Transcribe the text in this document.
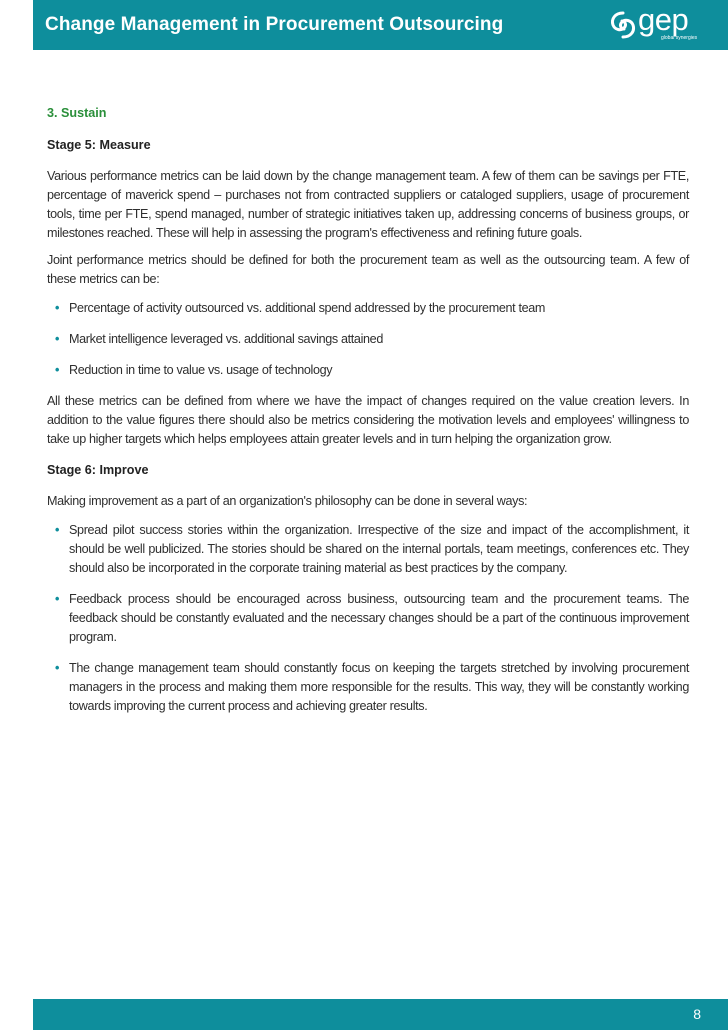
Change Management in Procurement Outsourcing	gep
global synergies
3. Sustain
Stage 5: Measure

Various performance metrics can be laid down by the change management team. A few of them can be savings per FTE, percentage of maverick spend – purchases not from contracted suppliers or cataloged suppliers, usage of procurement tools, time per FTE, spend managed, number of strategic initiatives taken up, addressing concerns of business groups, or milestones reached. These will help in assessing the program's effectiveness and refining future goals.

Joint performance metrics should be defined for both the procurement team as well as the outsourcing team. A few of these metrics can be:

• Percentage of activity outsourced vs. additional spend addressed by the procurement team
• Market intelligence leveraged vs. additional savings attained
• Reduction in time to value vs. usage of technology

All these metrics can be defined from where we have the impact of changes required on the value creation levers. In addition to the value figures there should also be metrics considering the motivation levels and employees' willingness to take up higher targets which helps employees attain greater levels and in turn helping the organization grow.

Stage 6: Improve

Making improvement as a part of an organization's philosophy can be done in several ways:

• Spread pilot success stories within the organization. Irrespective of the size and impact of the accomplishment, it should be well publicized. The stories should be shared on the internal portals, team meetings, conferences etc. They should also be incorporated in the corporate training material as best practices by the company.
• Feedback process should be encouraged across business, outsourcing team and the procurement teams. The feedback should be constantly evaluated and the necessary changes should be a part of the continuous improvement program.
• The change management team should constantly focus on keeping the targets stretched by involving procurement managers in the process and making them more responsible for the results. This way, they will be constantly working towards improving the current process and achieving greater results.
8
